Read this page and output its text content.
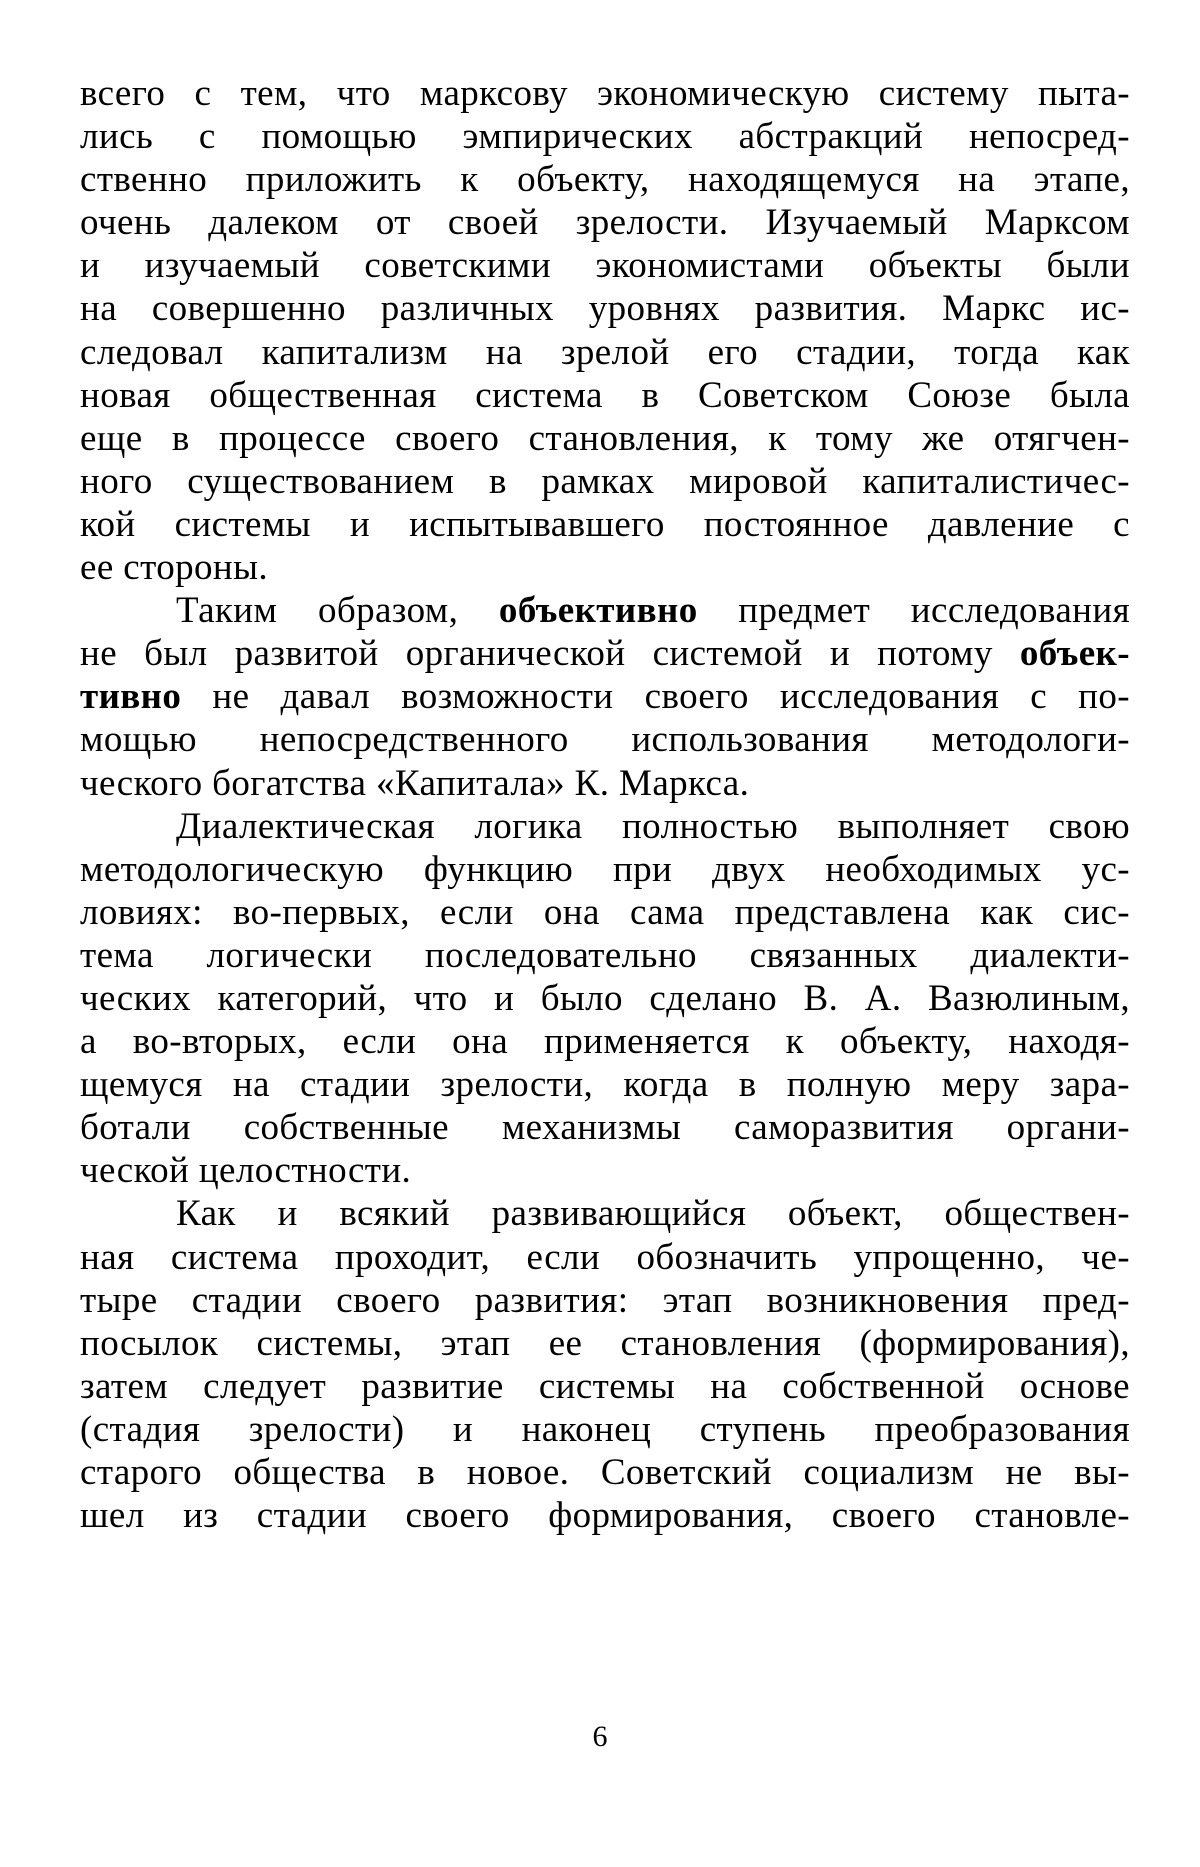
всего с тем, что марксову экономическую систему пыта-
лись с помощью эмпирических абстракций непосред-
ственно приложить к объекту, находящемуся на этапе,
очень далеком от своей зрелости. Изучаемый Марксом
и изучаемый советскими экономистами объекты были
на совершенно различных уровнях развития. Маркс ис-
следовал капитализм на зрелой его стадии, тогда как
новая общественная система в Советском Союзе была
еще в процессе своего становления, к тому же отягчен-
ного существованием в рамках мировой капиталистичес-
кой системы и испытывавшего постоянное давление с
ее стороны.
Таким образом, объективно предмет исследования
не был развитой органической системой и потому объек-
тивно не давал возможности своего исследования с по-
мощью непосредственного использования методологи-
ческого богатства «Капитала» К. Маркса.
Диалектическая логика полностью выполняет свою
методологическую функцию при двух необходимых ус-
ловиях: во-первых, если она сама представлена как сис-
тема логически последовательно связанных диалекти-
ческих категорий, что и было сделано В. А. Вазюлиным,
а во-вторых, если она применяется к объекту, находя-
щемуся на стадии зрелости, когда в полную меру зара-
ботали собственные механизмы саморазвития органи-
ческой целостности.
Как и всякий развивающийся объект, обществен-
ная система проходит, если обозначить упрощенно, че-
тыре стадии своего развития: этап возникновения пред-
посылок системы, этап ее становления (формирования),
затем следует развитие системы на собственной основе
(стадия зрелости) и наконец ступень преобразования
старого общества в новое. Советский социализм не вы-
шел из стадии своего формирования, своего становле-
6
